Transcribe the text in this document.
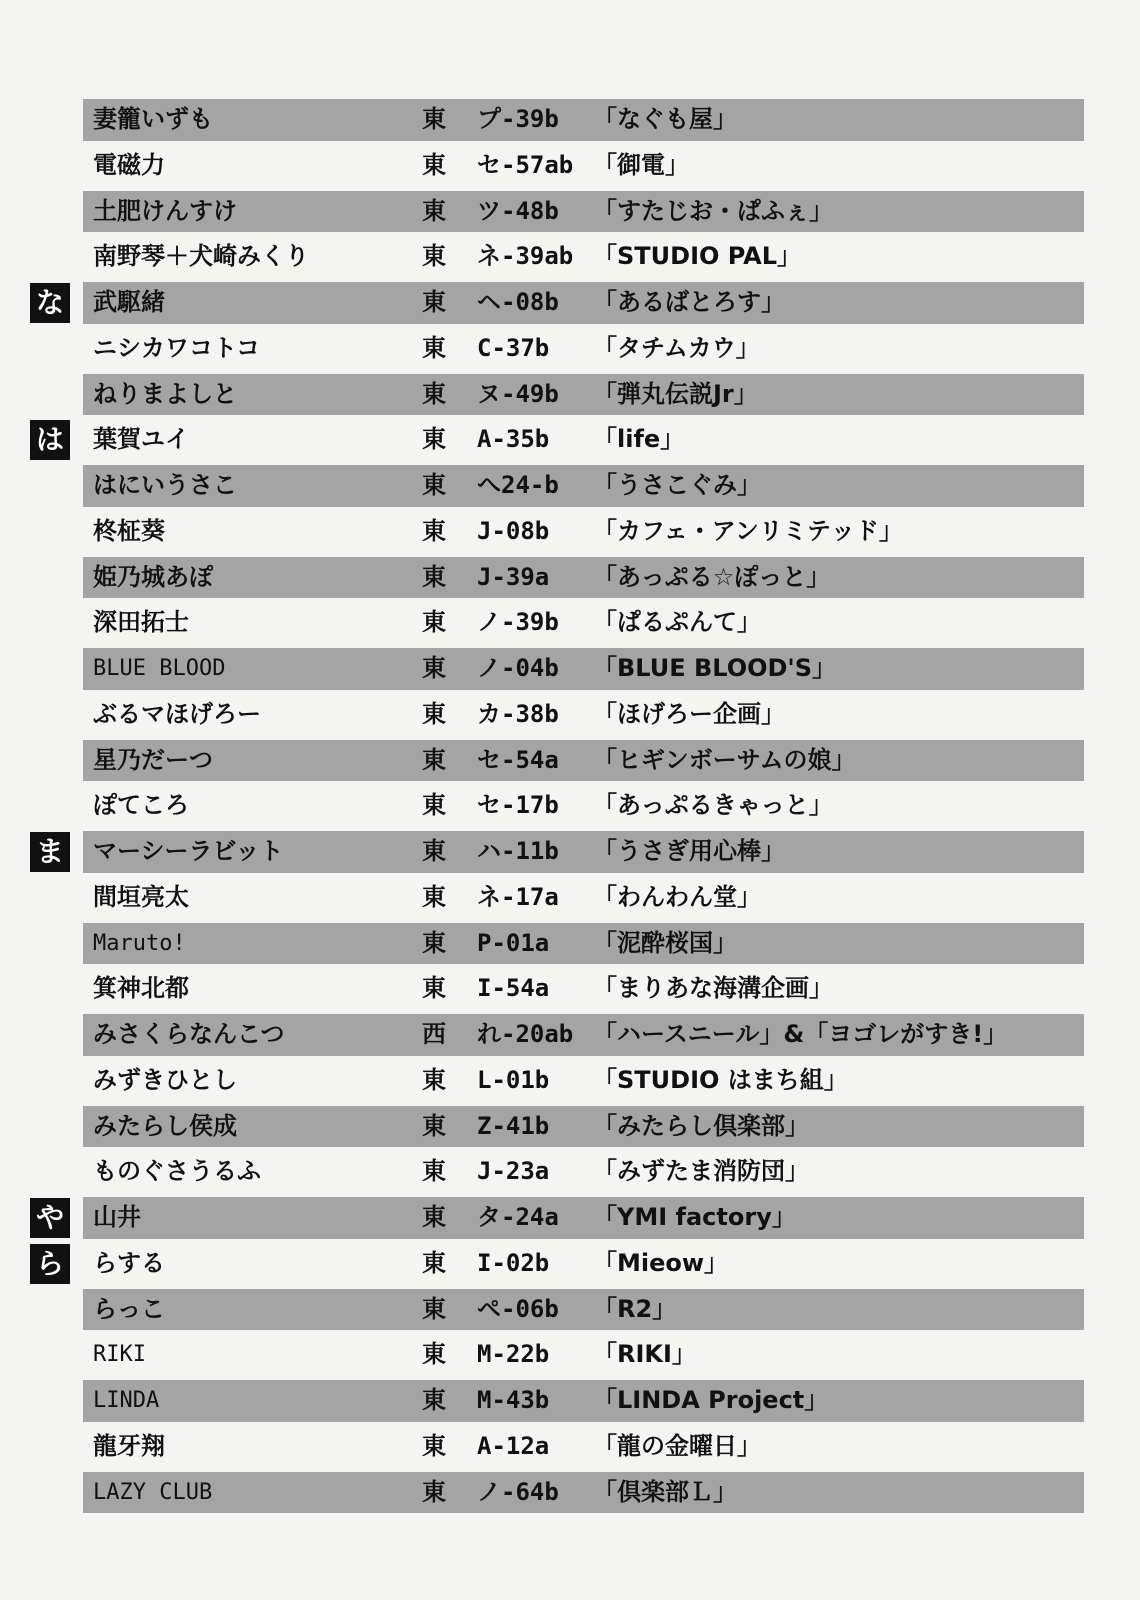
妻籠いずも	東 プ-39b 「なぐも屋」
電磁力	東 セ-57ab 「御電」
土肥けんすけ	東 ツ-48b 「すたじお・ぱふぇ」
南野琴＋犬崎みくり	東 ネ-39ab 「STUDIO PAL」
な 武駆緒	東 ヘ-08b 「あるばとろす」
ニシカワコトコ	東 C-37b 「タチムカウ」
ねりまよしと	東 ヌ-49b 「弾丸伝説Jr」
は 葉賀ユイ	東 A-35b 「life」
はにいうさこ	東 へ24-b 「うさこぐみ」
柊柾葵	東 J-08b 「カフェ・アンリミテッド」
姫乃城あぽ	東 J-39a 「あっぷる☆ぽっと」
深田拓士	東 ノ-39b 「ぱるぷんて」
BLUE BLOOD	東 ノ-04b 「BLUE BLOOD'S」
ぶるマほげろー	東 カ-38b 「ほげろー企画」
星乃だーつ	東 セ-54a 「ヒギンボーサムの娘」
ぽてころ	東 セ-17b 「あっぷるきゃっと」
ま マーシーラビット	東 ハ-11b 「うさぎ用心棒」
間垣亮太	東 ネ-17a 「わんわん堂」
Maruto!	東 P-01a 「泥酔桜国」
箕神北都	東 I-54a 「まりあな海溝企画」
みさくらなんこつ	西 れ-20ab 「ハースニール」&「ヨゴレがすき!」
みずきひとし	東 L-01b 「STUDIO はまち組」
みたらし侯成	東 Z-41b 「みたらし倶楽部」
ものぐさうるふ	東 J-23a 「みずたま消防団」
や 山井	東 タ-24a 「YMI factory」
ら らする	東 I-02b 「Mieow」
らっこ	東 ペ-06b 「R2」
RIKI	東 M-22b 「RIKI」
LINDA	東 M-43b 「LINDA Project」
龍牙翔	東 A-12a 「龍の金曜日」
LAZY CLUB	東 ノ-64b 「倶楽部Ｌ」
